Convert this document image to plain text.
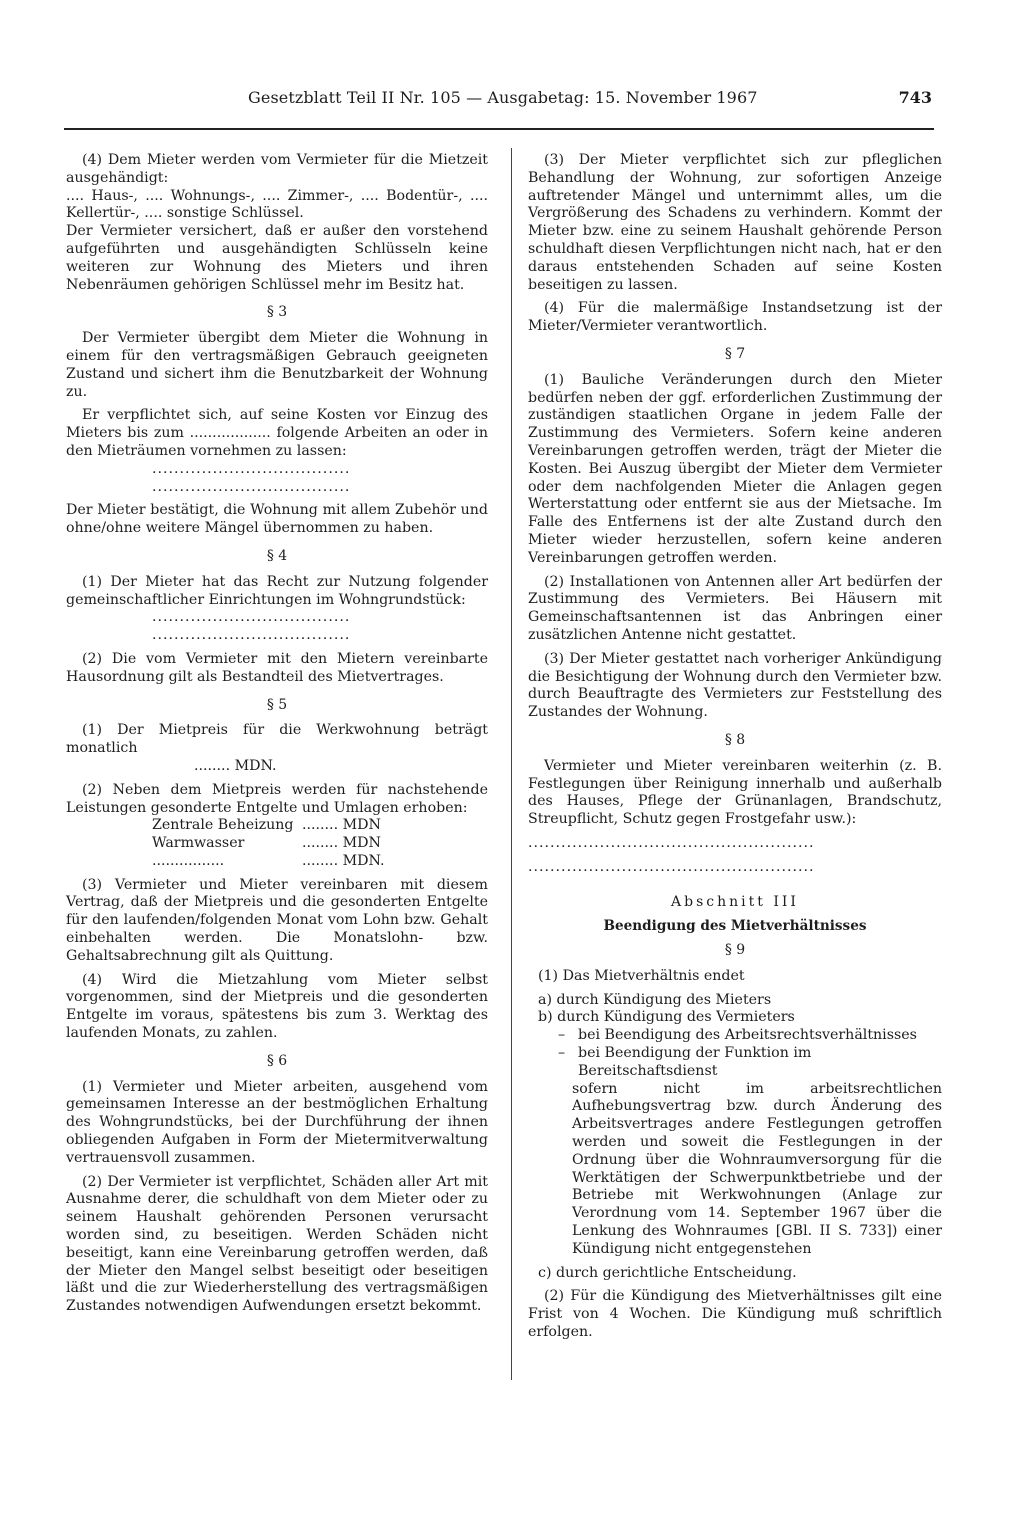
Gesetzblatt Teil II Nr. 105 — Ausgabetag: 15. November 1967	743

(4) Dem Mieter werden vom Vermieter für die Mietzeit ausgehändigt:

.... Haus-, .... Wohnungs-, .... Zimmer-, .... Bodentür-, .... Kellertür-, .... sonstige Schlüssel.

Der Vermieter versichert, daß er außer den vorstehend aufgeführten und ausgehändigten Schlüsseln keine weiteren zur Wohnung des Mieters und ihren Nebenräumen gehörigen Schlüssel mehr im Besitz hat.

§ 3

Der Vermieter übergibt dem Mieter die Wohnung in einem für den vertragsmäßigen Gebrauch geeigneten Zustand und sichert ihm die Benutzbarkeit der Wohnung zu.

Er verpflichtet sich, auf seine Kosten vor Einzug des Mieters bis zum .................. folgende Arbeiten an oder in den Mieträumen vornehmen zu lassen:

....................................

....................................

Der Mieter bestätigt, die Wohnung mit allem Zubehör und ohne/ohne weitere Mängel übernommen zu haben.

§ 4

(1) Der Mieter hat das Recht zur Nutzung folgender gemeinschaftlicher Einrichtungen im Wohngrundstück:

....................................

....................................

(2) Die vom Vermieter mit den Mietern vereinbarte Hausordnung gilt als Bestandteil des Mietvertrages.

§ 5

(1) Der Mietpreis für die Werkwohnung beträgt monatlich

........ MDN.

(2) Neben dem Mietpreis werden für nachstehende Leistungen gesonderte Entgelte und Umlagen erhoben:

Zentrale Beheizung ........ MDN
Warmwasser	........ MDN
................	........ MDN.

(3) Vermieter und Mieter vereinbaren mit diesem Vertrag, daß der Mietpreis und die gesonderten Entgelte für den laufenden/folgenden Monat vom Lohn bzw. Gehalt einbehalten werden. Die Monatslohn- bzw. Gehaltsabrechnung gilt als Quittung.

(4) Wird die Mietzahlung vom Mieter selbst vorgenommen, sind der Mietpreis und die gesonderten Entgelte im voraus, spätestens bis zum 3. Werktag des laufenden Monats, zu zahlen.

§ 6

(1) Vermieter und Mieter arbeiten, ausgehend vom gemeinsamen Interesse an der bestmöglichen Erhaltung des Wohngrundstücks, bei der Durchführung der ihnen obliegenden Aufgaben in Form der Mietermitverwaltung vertrauensvoll zusammen.

(2) Der Vermieter ist verpflichtet, Schäden aller Art mit Ausnahme derer, die schuldhaft von dem Mieter oder zu seinem Haushalt gehörenden Personen verursacht worden sind, zu beseitigen. Werden Schäden nicht beseitigt, kann eine Vereinbarung getroffen werden, daß der Mieter den Mangel selbst beseitigt oder beseitigen läßt und die zur Wiederherstellung des vertragsmäßigen Zustandes notwendigen Aufwendungen ersetzt bekommt.

(3) Der Mieter verpflichtet sich zur pfleglichen Behandlung der Wohnung, zur sofortigen Anzeige auftretender Mängel und unternimmt alles, um die Vergrößerung des Schadens zu verhindern. Kommt der Mieter bzw. eine zu seinem Haushalt gehörende Person schuldhaft diesen Verpflichtungen nicht nach, hat er den daraus entstehenden Schaden auf seine Kosten beseitigen zu lassen.

(4) Für die malermäßige Instandsetzung ist der Mieter/Vermieter verantwortlich.

§ 7

(1) Bauliche Veränderungen durch den Mieter bedürfen neben der ggf. erforderlichen Zustimmung der zuständigen staatlichen Organe in jedem Falle der Zustimmung des Vermieters. Sofern keine anderen Vereinbarungen getroffen werden, trägt der Mieter die Kosten. Bei Auszug übergibt der Mieter dem Vermieter oder dem nachfolgenden Mieter die Anlagen gegen Werterstattung oder entfernt sie aus der Mietsache. Im Falle des Entfernens ist der alte Zustand durch den Mieter wieder herzustellen, sofern keine anderen Vereinbarungen getroffen werden.

(2) Installationen von Antennen aller Art bedürfen der Zustimmung des Vermieters. Bei Häusern mit Gemeinschaftsantennen ist das Anbringen einer zusätzlichen Antenne nicht gestattet.

(3) Der Mieter gestattet nach vorheriger Ankündigung die Besichtigung der Wohnung durch den Vermieter bzw. durch Beauftragte des Vermieters zur Feststellung des Zustandes der Wohnung.

§ 8

Vermieter und Mieter vereinbaren weiterhin (z. B. Festlegungen über Reinigung innerhalb und außerhalb des Hauses, Pflege der Grünanlagen, Brandschutz, Streupflicht, Schutz gegen Frostgefahr usw.):

....................................................

....................................................

Abschnitt III
Beendigung des Mietverhältnisses
§ 9

(1) Das Mietverhältnis endet

a) durch Kündigung des Mieters

b) durch Kündigung des Vermieters

– bei Beendigung des Arbeitsrechtsverhältnisses
– bei Beendigung der Funktion im Bereitschaftsdienst

sofern nicht im arbeitsrechtlichen Aufhebungsvertrag bzw. durch Änderung des Arbeitsvertrages andere Festlegungen getroffen werden und soweit die Festlegungen in der Ordnung über die Wohnraumversorgung für die Werktätigen der Schwerpunktbetriebe und der Betriebe mit Werkwohnungen (Anlage zur Verordnung vom 14. September 1967 über die Lenkung des Wohnraumes [GBl. II S. 733]) einer Kündigung nicht entgegenstehen

c) durch gerichtliche Entscheidung.

(2) Für die Kündigung des Mietverhältnisses gilt eine Frist von 4 Wochen. Die Kündigung muß schriftlich erfolgen.
